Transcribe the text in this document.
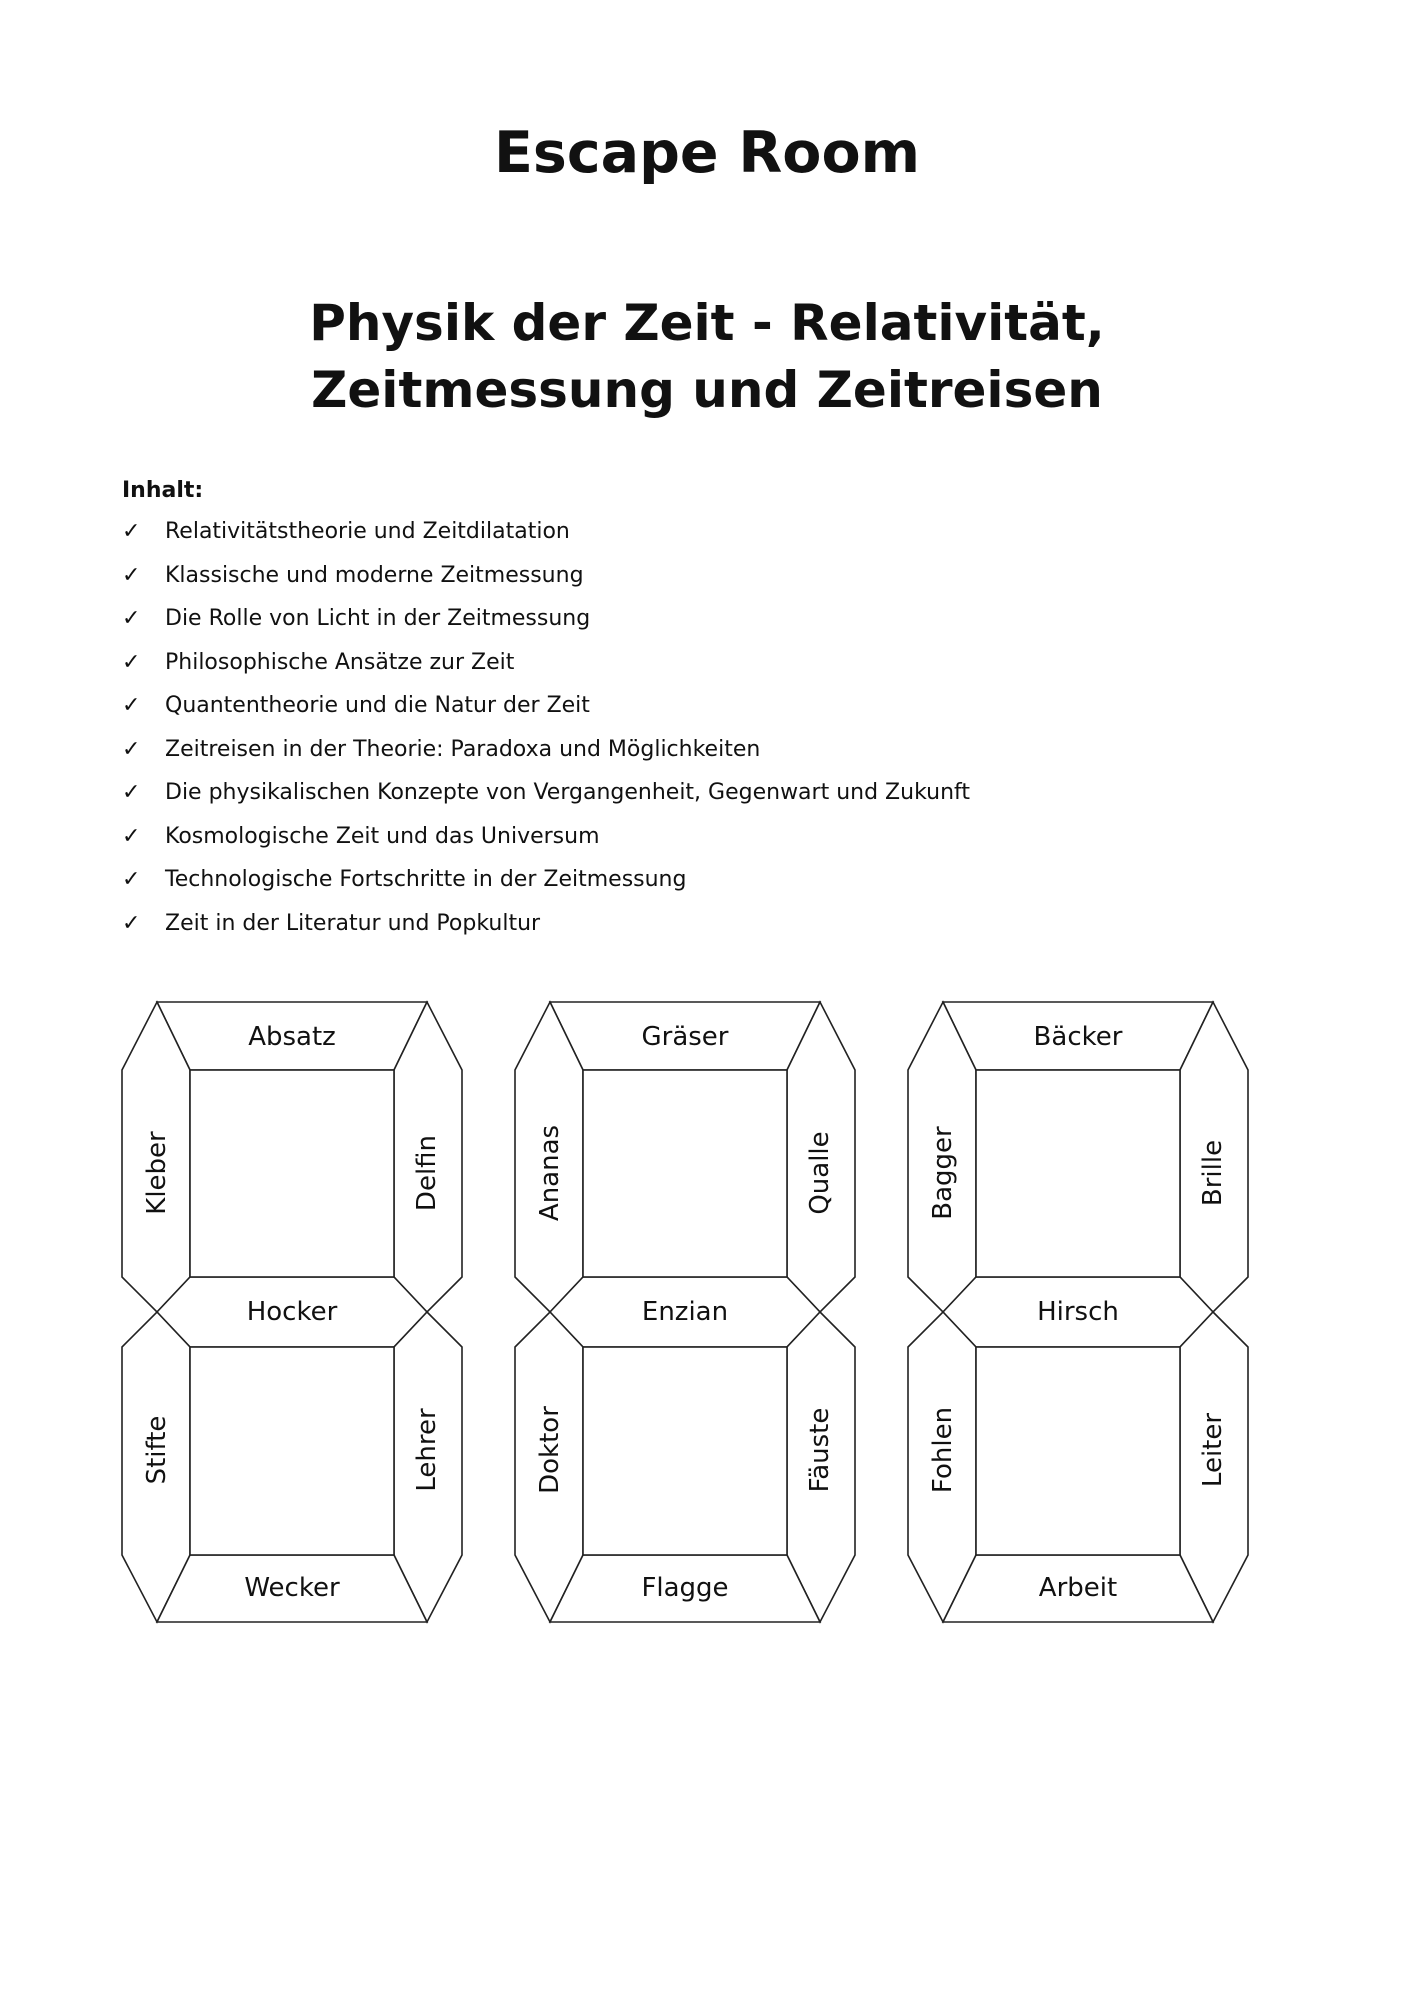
Escape Room
Physik der Zeit - Relativität, Zeitmessung und Zeitreisen
Inhalt:
✓	Relativitätstheorie und Zeitdilatation
✓	Klassische und moderne Zeitmessung
✓	Die Rolle von Licht in der Zeitmessung
✓	Philosophische Ansätze zur Zeit
✓	Quantentheorie und die Natur der Zeit
✓	Zeitreisen in der Theorie: Paradoxa und Möglichkeiten
✓	Die physikalischen Konzepte von Vergangenheit, Gegenwart und Zukunft
✓	Kosmologische Zeit und das Universum
✓	Technologische Fortschritte in der Zeitmessung
✓	Zeit in der Literatur und Popkultur
Absatz
Kleber	Delfin
Hocker
Stifte	Lehrer
Wecker
Gräser
Ananas	Qualle
Enzian
Doktor	Fäuste
Flagge
Bäcker
Bagger	Brille
Hirsch
Fohlen	Leiter
Arbeit
